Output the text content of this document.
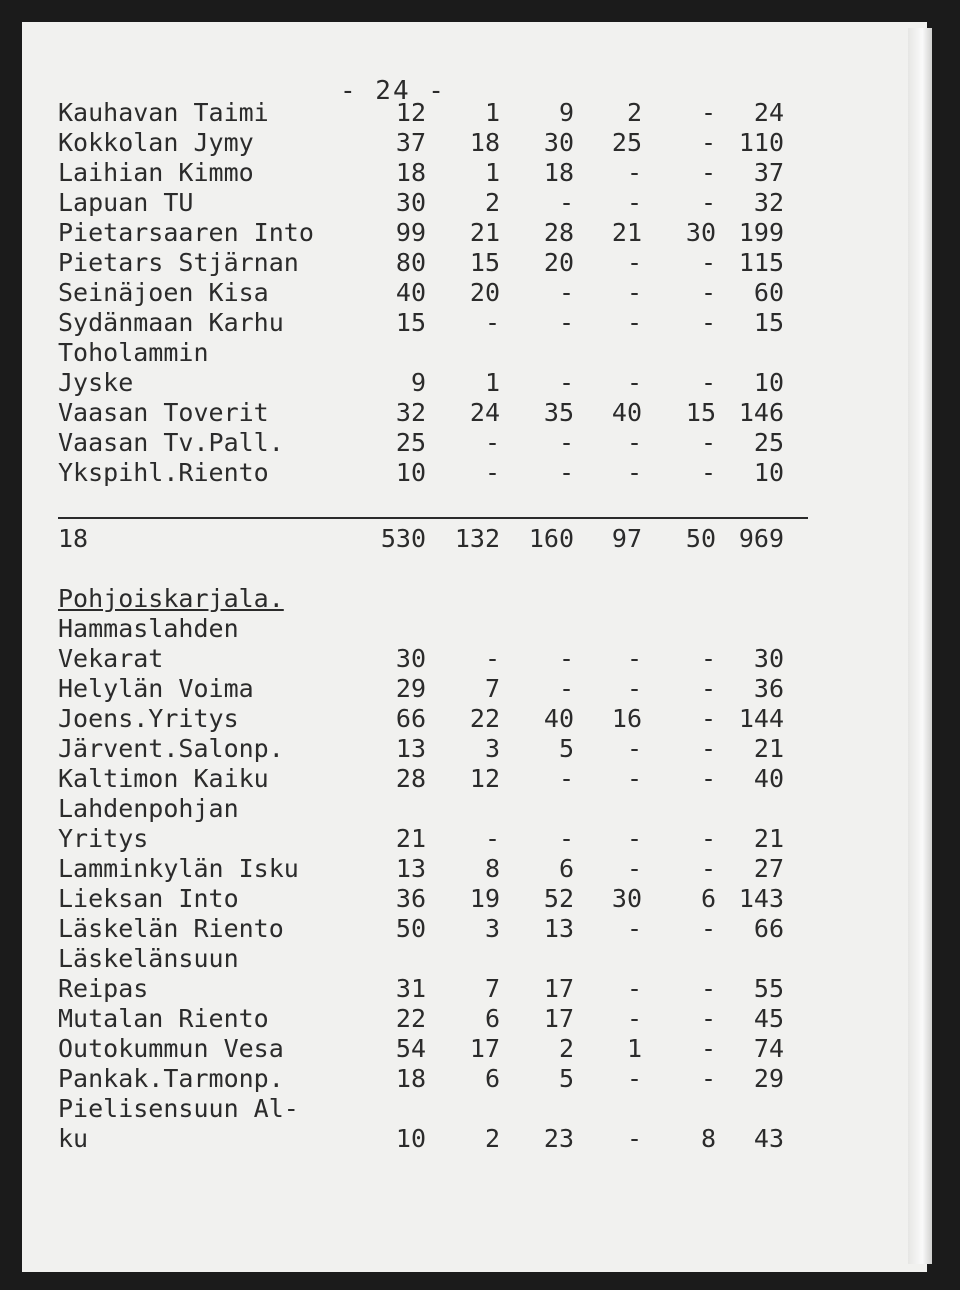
- 24 -
Kauhavan Taimi	12	1	9	2	-	24
Kokkolan Jymy	37	18	30	25	- 110
Laihian Kimmo	18	1	18	-	-	37
Lapuan TU	30	2	-	-	-	32
Pietarsaaren Into	99	21	28	21	30 199
Pietars Stjärnan	80	15	20	-	- 115
Seinäjoen Kisa	40	20	-	-	-	60
Sydänmaan Karhu	15	-	-	-	-	15
Toholammin
Jyske	9	1	-	-	-	10
Vaasan Toverit	32	24	35	40	15 146
Vaasan Tv.Pall.	25	-	-	-	-	25
Ykspihl.Riento	10	-	-	-	-	10
18	530	132	160	97	50 969
Pohjoiskarjala.
Hammaslahden
Vekarat	30	-	-	-	-	30
Helylän Voima	29	7	-	-	-	36
Joens.Yritys	66	22	40	16	- 144
Järvent.Salonp.	13	3	5	-	-	21
Kaltimon Kaiku	28	12	-	-	-	40
Lahdenpohjan
Yritys	21	-	-	-	-	21
Lamminkylän Isku	13	8	6	-	-	27
Lieksan Into	36	19	52	30	6 143
Läskelän Riento	50	3	13	-	-	66
Läskelänsuun
Reipas	31	7	17	-	-	55
Mutalan Riento	22	6	17	-	-	45
Outokummun Vesa	54	17	2	1	-	74
Pankak.Tarmonp.	18	6	5	-	-	29
Pielisensuun Al-
ku	10	2	23	-	8	43
